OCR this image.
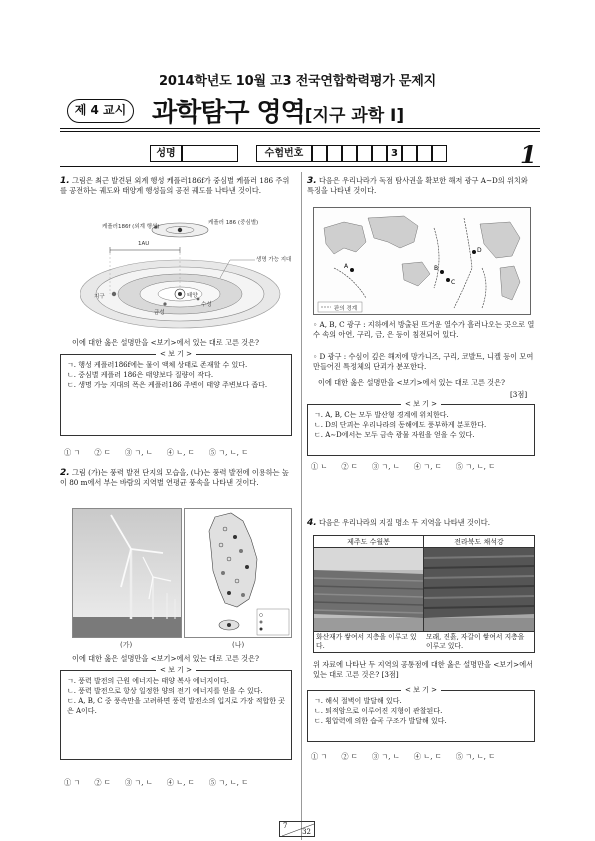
2014학년도 10월 고3 전국연합학력평가 문제지
제 4 교시 과학탐구 영역[지구 과학 Ⅰ]
성명	수험번호	3	1
1. 그림은 최근 발견된 외계 행성 케플러186f가 중심별 케플러 186 주위를 공전하는 궤도와 태양계 행성들의 공전 궤도를 나타낸 것이다.
케플러186f (외계 행성)
케플러 186 (중심별)
1AU
생명 가능 지대
지구	태양
수성
금성
이에 대한 옳은 설명만을 <보기>에서 있는 대로 고른 것은?
< 보 기 >
ㄱ. 행성 케플러186f에는 물이 액체 상태로 존재할 수 있다.
ㄴ. 중심별 케플러 186은 태양보다 질량이 작다.
ㄷ. 생명 가능 지대의 폭은 케플러186 주변이 태양 주변보다 좁다.
① ㄱ ② ㄷ ③ ㄱ, ㄴ ④ ㄴ, ㄷ ⑤ ㄱ, ㄴ, ㄷ
2. 그림 (가)는 풍력 발전 단지의 모습을, (나)는 풍력 발전에 이용하는 높이 80 m에서 부는 바람의 지역별 연평균 풍속을 나타낸 것이다.
(가)	(나)
이에 대한 옳은 설명만을 <보기>에서 있는 대로 고른 것은?
< 보 기 >
ㄱ. 풍력 발전의 근원 에너지는 태양 복사 에너지이다.
ㄴ. 풍력 발전으로 항상 일정한 양의 전기 에너지를 얻을 수 있다.
ㄷ. A, B, C 중 풍속만을 고려하면 풍력 발전소의 입지로 가장 적합한 곳은 A이다.
① ㄱ ② ㄷ ③ ㄱ, ㄴ ④ ㄴ, ㄷ ⑤ ㄱ, ㄴ, ㄷ
3. 다음은 우리나라가 독점 탐사권을 확보한 해저 광구 A∼D의 위치와 특징을 나타낸 것이다.
A	B
C
D
판의 경계
◦ A, B, C 광구 : 지하에서 방출된 뜨거운 열수가 흘러나오는 곳으로 열수 속의 아연, 구리, 금, 은 등이 침전되어 있다.
◦ D 광구 : 수심이 깊은 해저에 망가니즈, 구리, 코발트, 니켈 등이 모여 만들어진 특정체의 단괴가 분포한다.
이에 대한 옳은 설명만을 <보기>에서 있는 대로 고른 것은?
[3점]
< 보 기 >
ㄱ. A, B, C는 모두 발산형 경계에 위치한다.
ㄴ. D의 단괴는 우리나라의 동해에도 풍부하게 분포한다.
ㄷ. A∼D에서는 모두 금속 광물 자원을 얻을 수 있다.
① ㄴ ② ㄷ ③ ㄱ, ㄴ ④ ㄱ, ㄷ ⑤ ㄱ, ㄴ, ㄷ
4. 다음은 우리나라의 지질 명소 두 지역을 나타낸 것이다.
제주도 수월봉	전라북도 채석강
화산재가 쌓여서 지층을 이루고 있다.
모래, 진흙, 자갈이 쌓여서 지층을 이루고 있다.
위 자료에 나타난 두 지역의 공통점에 대한 옳은 설명만을 <보기>에서 있는 대로 고른 것은? [3점]
< 보 기 >
ㄱ. 해식 절벽이 발달해 있다.
ㄴ. 퇴적암으로 이루어진 지형이 관찰된다.
ㄷ. 횡압력에 의한 습곡 구조가 발달해 있다.
① ㄱ ② ㄷ ③ ㄱ, ㄴ ④ ㄴ, ㄷ ⑤ ㄱ, ㄴ, ㄷ
7
32
